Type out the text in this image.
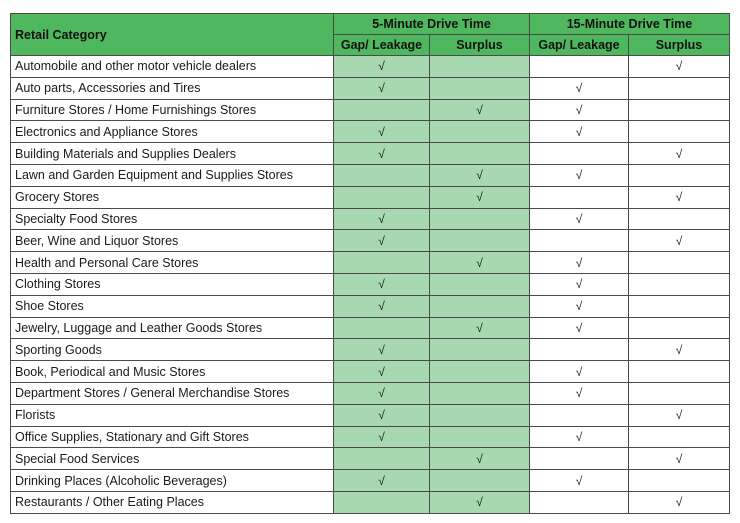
Retail Category	5-Minute Drive Time		15-Minute Drive Time	
	Gap/ Leakage	Surplus	Gap/ Leakage	Surplus
Automobile and other motor vehicle dealers	√			√
Auto parts, Accessories and Tires	√		√	
Furniture Stores / Home Furnishings Stores		√	√	
Electronics and Appliance Stores	√		√	
Building Materials and Supplies Dealers	√			√
Lawn and Garden Equipment and Supplies Stores		√	√	
Grocery Stores		√		√
Specialty Food Stores	√		√	
Beer, Wine and Liquor Stores	√			√
Health and Personal Care Stores		√	√	
Clothing Stores	√		√	
Shoe Stores	√		√	
Jewelry, Luggage and Leather Goods Stores		√	√	
Sporting Goods	√			√
Book, Periodical and Music Stores	√		√	
Department Stores / General Merchandise Stores	√		√	
Florists	√			√
Office Supplies, Stationary and Gift Stores	√		√	
Special Food Services		√		√
Drinking Places (Alcoholic Beverages)	√		√	
Restaurants / Other Eating Places		√		√
